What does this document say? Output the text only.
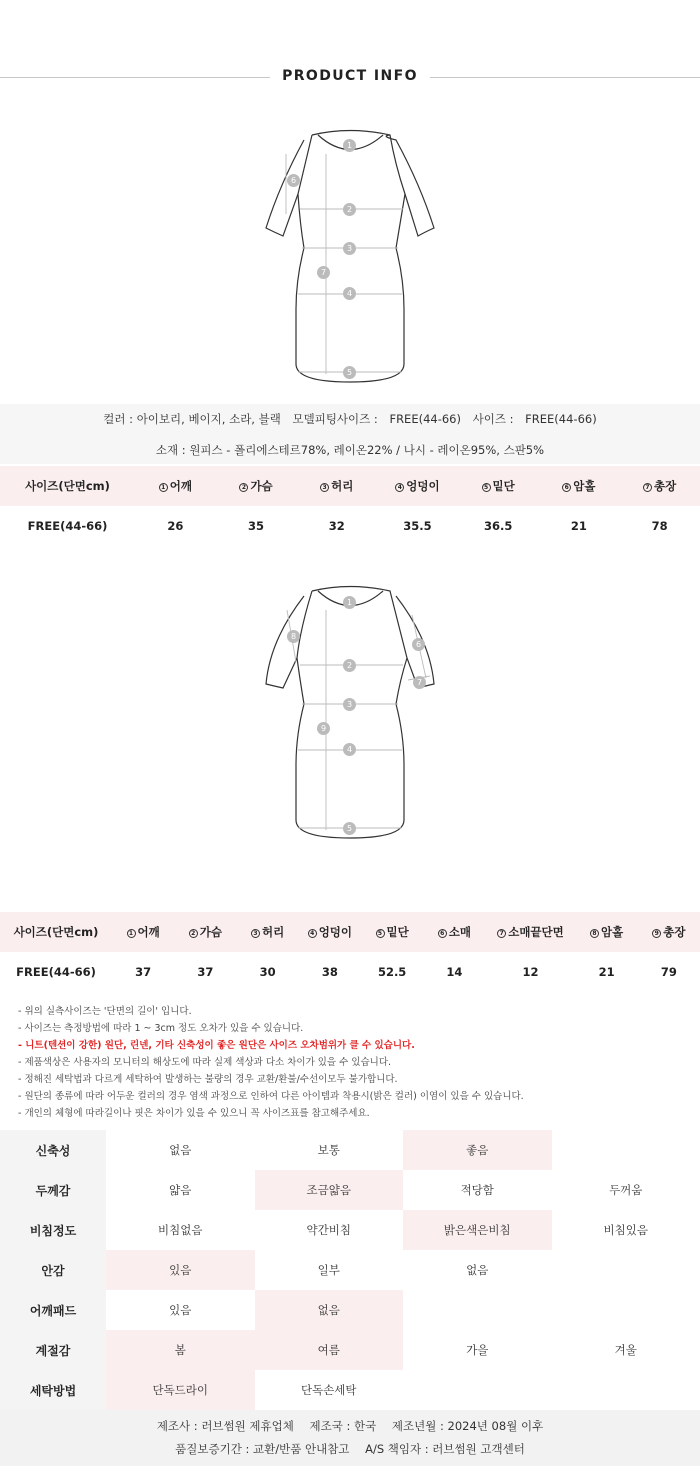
PRODUCT INFO
1
2
3
4
5
6
7
컬러 : 아이보리, 베이지, 소라, 블랙 모델피팅사이즈 : FREE(44-66) 사이즈 : FREE(44-66)
소재 : 원피스 - 폴리에스테르78%, 레이온22% / 나시 - 레이온95%, 스판5%
사이즈(단면cm)	1 어깨	2 가슴	3 허리	4 엉덩이	5 밑단	6 암홀	7 총장
FREE(44-66)	26	35	32	35.5	36.5	21	78
1
2
3
4
5
6
7
8
9
사이즈(단면cm)	1 어깨	2 가슴	3 허리	4 엉덩이	5 밑단	6 소매	7 소매끝단면	8 암홀	9 총장
FREE(44-66)	37	37	30	38	52.5	14	12	21	79
- 위의 실측사이즈는 '단면의 길이' 입니다.
- 사이즈는 측정방법에 따라 1 ~ 3cm 정도 오차가 있을 수 있습니다.
- 니트(텐션이 강한) 원단, 린넨, 기타 신축성이 좋은 원단은 사이즈 오차범위가 클 수 있습니다.
- 제품색상은 사용자의 모니터의 해상도에 따라 실제 색상과 다소 차이가 있을 수 있습니다.
- 정해진 세탁법과 다르게 세탁하여 발생하는 불량의 경우 교환/환불/수선이모두 불가합니다.
- 원단의 종류에 따라 어두운 컬러의 경우 염색 과정으로 인하여 다른 아이템과 착용시(밝은 컬러) 이염이 있을 수 있습니다.
- 개인의 체형에 따라길이나 핏은 차이가 있을 수 있으니 꼭 사이즈표를 참고해주세요.
신축성	없음	보통	좋음
두께감	얇음	조금얇음	적당함	두꺼움
비침정도	비침없음	약간비침	밝은색은비침	비침있음
안감	있음	일부	없음
어깨패드	있음	없음
계절감	봄	여름	가을	겨울
세탁방법	단독드라이	단독손세탁
제조사 : 러브썸원 제휴업체 제조국 : 한국 제조년월 : 2024년 08월 이후
품질보증기간 : 교환/반품 안내참고 A/S 책임자 : 러브썸원 고객센터
